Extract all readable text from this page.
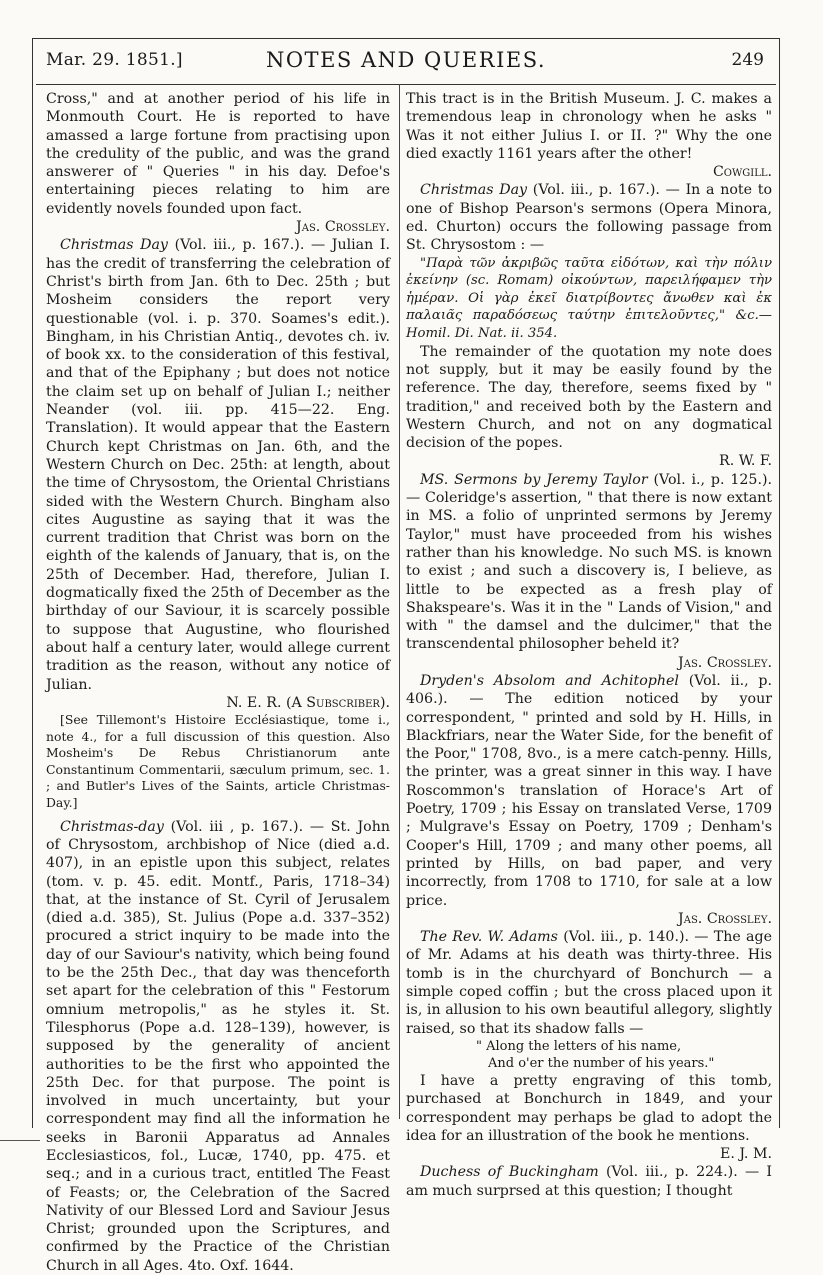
Mar. 29. 1851.]	NOTES AND QUERIES.	249

Cross," and at another period of his life in Monmouth Court. He is reported to have amassed a large fortune from practising upon the credulity of the public, and was the grand answerer of " Queries " in his day. Defoe's entertaining pieces relating to him are evidently novels founded upon fact.

Jas. Crossley.

Christmas Day (Vol. iii., p. 167.). — Julian I. has the credit of transferring the celebration of Christ's birth from Jan. 6th to Dec. 25th ; but Mosheim considers the report very questionable (vol. i. p. 370. Soames's edit.). Bingham, in his Christian Antiq., devotes ch. iv. of book xx. to the consideration of this festival, and that of the Epiphany ; but does not notice the claim set up on behalf of Julian I.; neither Neander (vol. iii. pp. 415—22. Eng. Translation). It would appear that the Eastern Church kept Christmas on Jan. 6th, and the Western Church on Dec. 25th: at length, about the time of Chrysostom, the Oriental Christians sided with the Western Church. Bingham also cites Augustine as saying that it was the current tradition that Christ was born on the eighth of the kalends of January, that is, on the 25th of December. Had, therefore, Julian I. dogmatically fixed the 25th of December as the birthday of our Saviour, it is scarcely possible to suppose that Augustine, who flourished about half a century later, would allege current tradition as the reason, without any notice of Julian.

N. E. R. (A Subscriber).

[See Tillemont's Histoire Ecclésiastique, tome i., note 4., for a full discussion of this question. Also Mosheim's De Rebus Christianorum ante Constantinum Commentarii, sæculum primum, sec. 1. ; and Butler's Lives of the Saints, article Christmas-Day.]

Christmas-day (Vol. iii , p. 167.). — St. John of Chrysostom, archbishop of Nice (died a.d. 407), in an epistle upon this subject, relates (tom. v. p. 45. edit. Montf., Paris, 1718–34) that, at the instance of St. Cyril of Jerusalem (died a.d. 385), St. Julius (Pope a.d. 337–352) procured a strict inquiry to be made into the day of our Saviour's nativity, which being found to be the 25th Dec., that day was thenceforth set apart for the celebration of this " Festorum omnium metropolis," as he styles it. St. Tilesphorus (Pope a.d. 128–139), however, is supposed by the generality of ancient authorities to be the first who appointed the 25th Dec. for that purpose. The point is involved in much uncertainty, but your correspondent may find all the information he seeks in Baronii Apparatus ad Annales Ecclesiasticos, fol., Lucæ, 1740, pp. 475. et seq.; and in a curious tract, entitled The Feast of Feasts; or, the Celebration of the Sacred Nativity of our Blessed Lord and Saviour Jesus Christ; grounded upon the Scriptures, and confirmed by the Practice of the Christian Church in all Ages. 4to. Oxf. 1644.

This tract is in the British Museum. J. C. makes a tremendous leap in chronology when he asks " Was it not either Julius I. or II. ?" Why the one died exactly 1161 years after the other!

Cowgill.

Christmas Day (Vol. iii., p. 167.). — In a note to one of Bishop Pearson's sermons (Opera Minora, ed. Churton) occurs the following passage from St. Chrysostom : —

"Παρὰ τῶν ἀκριβῶς ταῦτα εἰδότων, καὶ τὴν πόλιν ἐκείνην (sc. Romam) οἰκούντων, παρειλήφαμεν τὴν ἡμέραν. Οἱ γὰρ ἐκεῖ διατρίβοντες ἄνωθεν καὶ ἐκ παλαιᾶς παραδόσεως ταύτην ἐπιτελοῦντες," &c.— Homil. Di. Nat. ii. 354.

The remainder of the quotation my note does not supply, but it may be easily found by the reference. The day, therefore, seems fixed by " tradition," and received both by the Eastern and Western Church, and not on any dogmatical decision of the popes.

R. W. F.

MS. Sermons by Jeremy Taylor (Vol. i., p. 125.). — Coleridge's assertion, " that there is now extant in MS. a folio of unprinted sermons by Jeremy Taylor," must have proceeded from his wishes rather than his knowledge. No such MS. is known to exist ; and such a discovery is, I believe, as little to be expected as a fresh play of Shakspeare's. Was it in the " Lands of Vision," and with " the damsel and the dulcimer," that the transcendental philosopher beheld it?

Jas. Crossley.

Dryden's Absolom and Achitophel (Vol. ii., p. 406.). — The edition noticed by your correspondent, " printed and sold by H. Hills, in Blackfriars, near the Water Side, for the benefit of the Poor," 1708, 8vo., is a mere catch-penny. Hills, the printer, was a great sinner in this way. I have Roscommon's translation of Horace's Art of Poetry, 1709 ; his Essay on translated Verse, 1709 ; Mulgrave's Essay on Poetry, 1709 ; Denham's Cooper's Hill, 1709 ; and many other poems, all printed by Hills, on bad paper, and very incorrectly, from 1708 to 1710, for sale at a low price.

Jas. Crossley.

The Rev. W. Adams (Vol. iii., p. 140.). — The age of Mr. Adams at his death was thirty-three. His tomb is in the churchyard of Bonchurch — a simple coped coffin ; but the cross placed upon it is, in allusion to his own beautiful allegory, slightly raised, so that its shadow falls —

" Along the letters of his name,
And o'er the number of his years."

I have a pretty engraving of this tomb, purchased at Bonchurch in 1849, and your correspondent may perhaps be glad to adopt the idea for an illustration of the book he mentions.

E. J. M.

Duchess of Buckingham (Vol. iii., p. 224.). — I am much surprsed at this question; I thought
